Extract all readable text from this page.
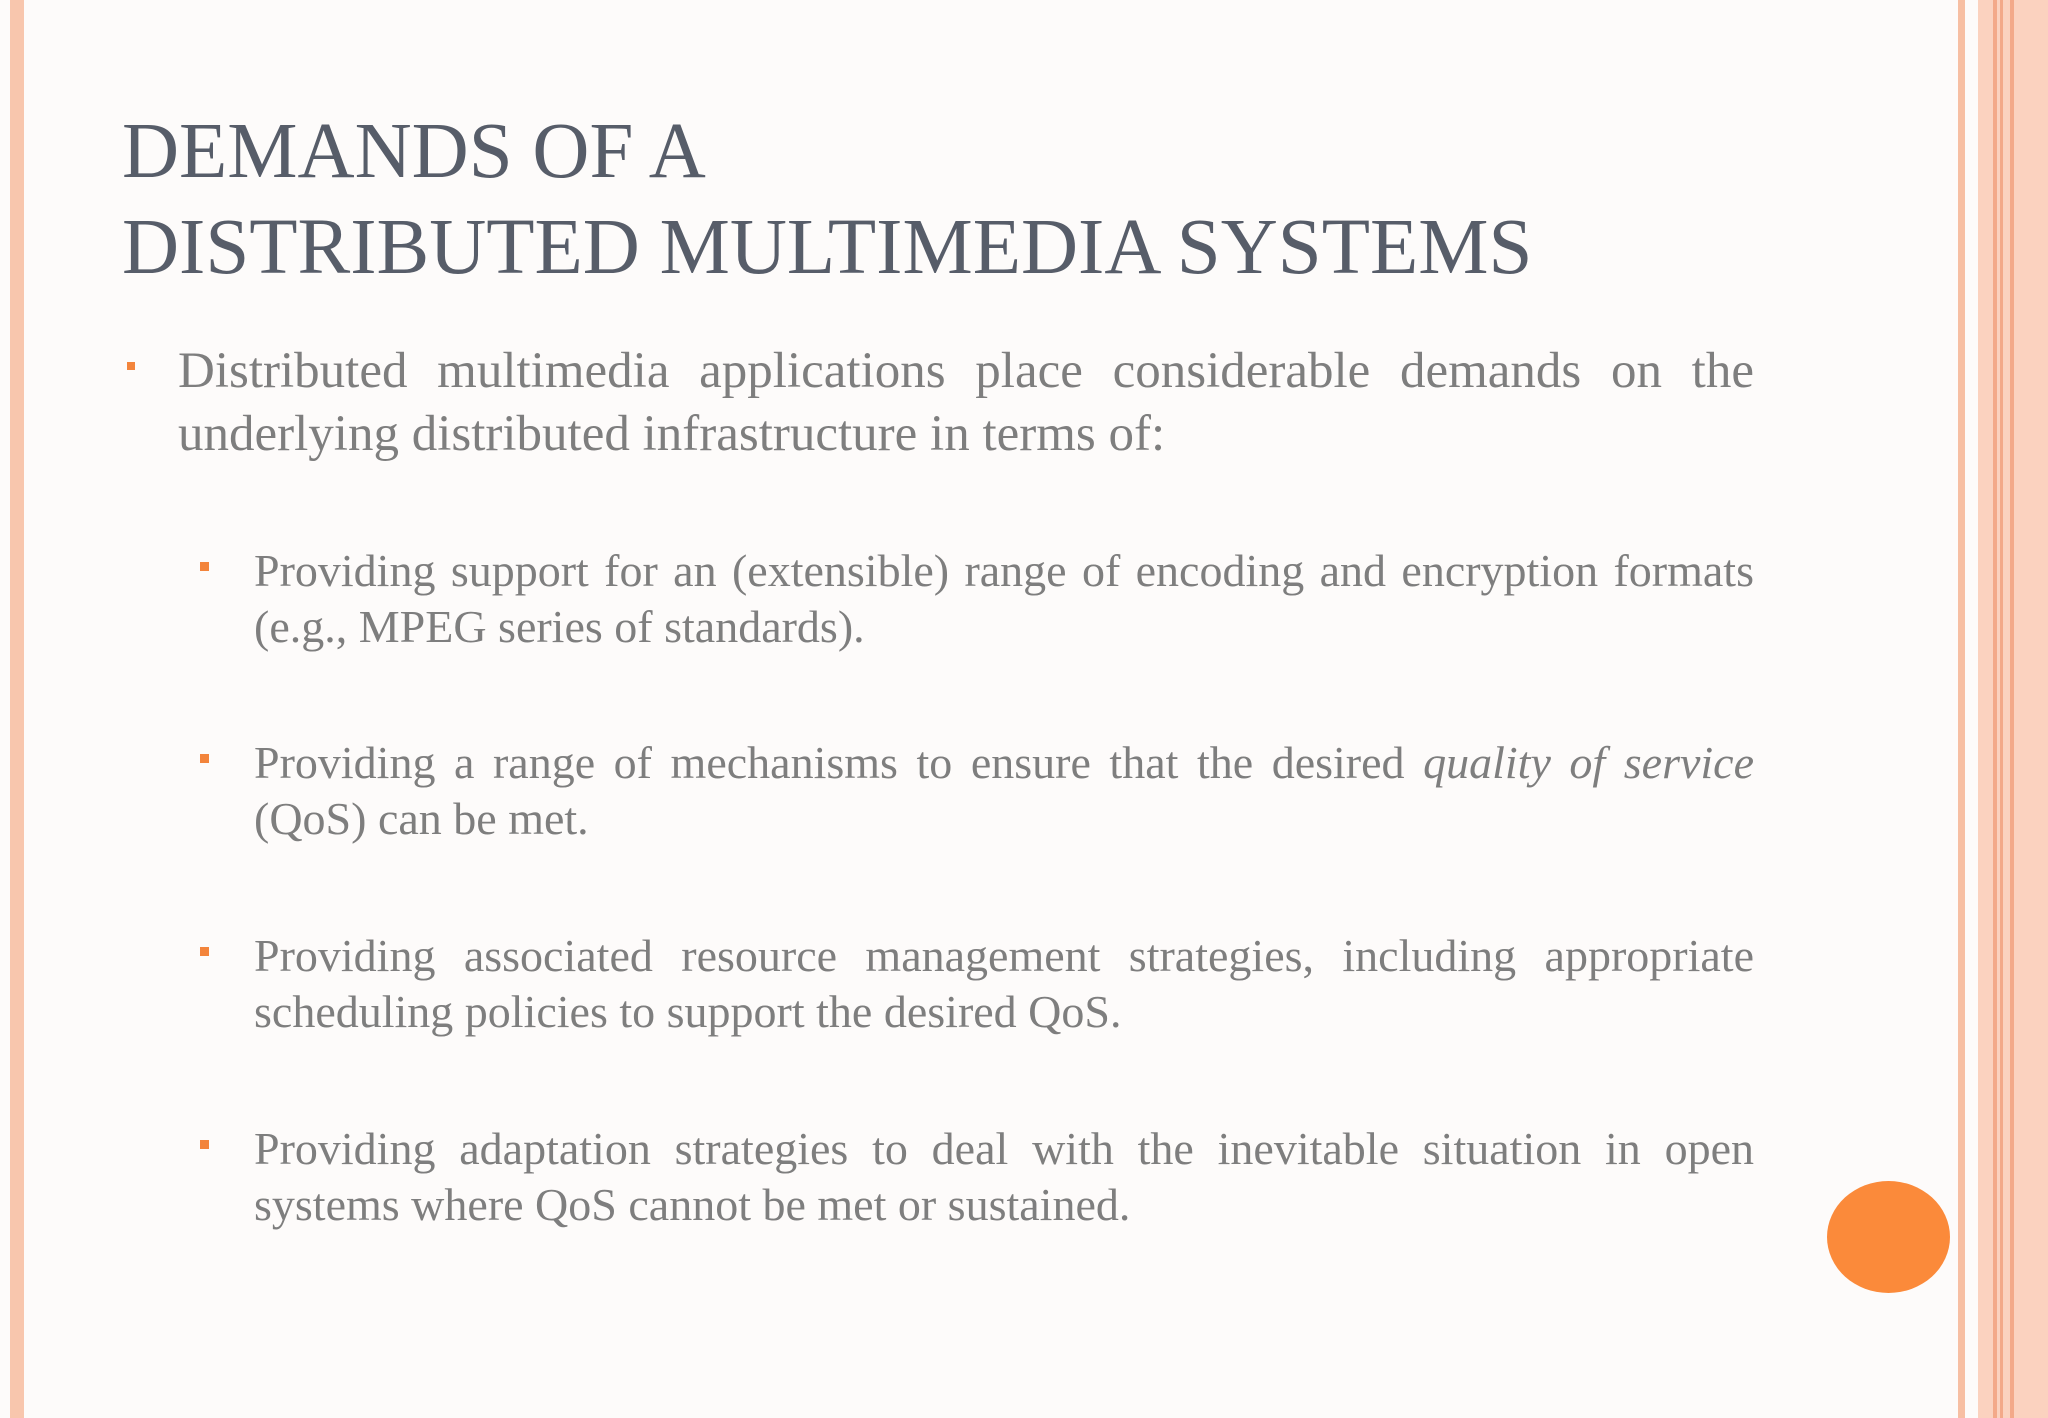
DEMANDS OF A
DISTRIBUTED MULTIMEDIA SYSTEMS

Distributed multimedia applications place considerable demands on the underlying distributed infrastructure in terms of:

Providing support for an (extensible) range of encoding and encryption formats (e.g., MPEG series of standards).
Providing a range of mechanisms to ensure that the desired quality of service (QoS) can be met.
Providing associated resource management strategies, including appropriate scheduling policies to support the desired QoS.
Providing adaptation strategies to deal with the inevitable situation in open systems where QoS cannot be met or sustained.
